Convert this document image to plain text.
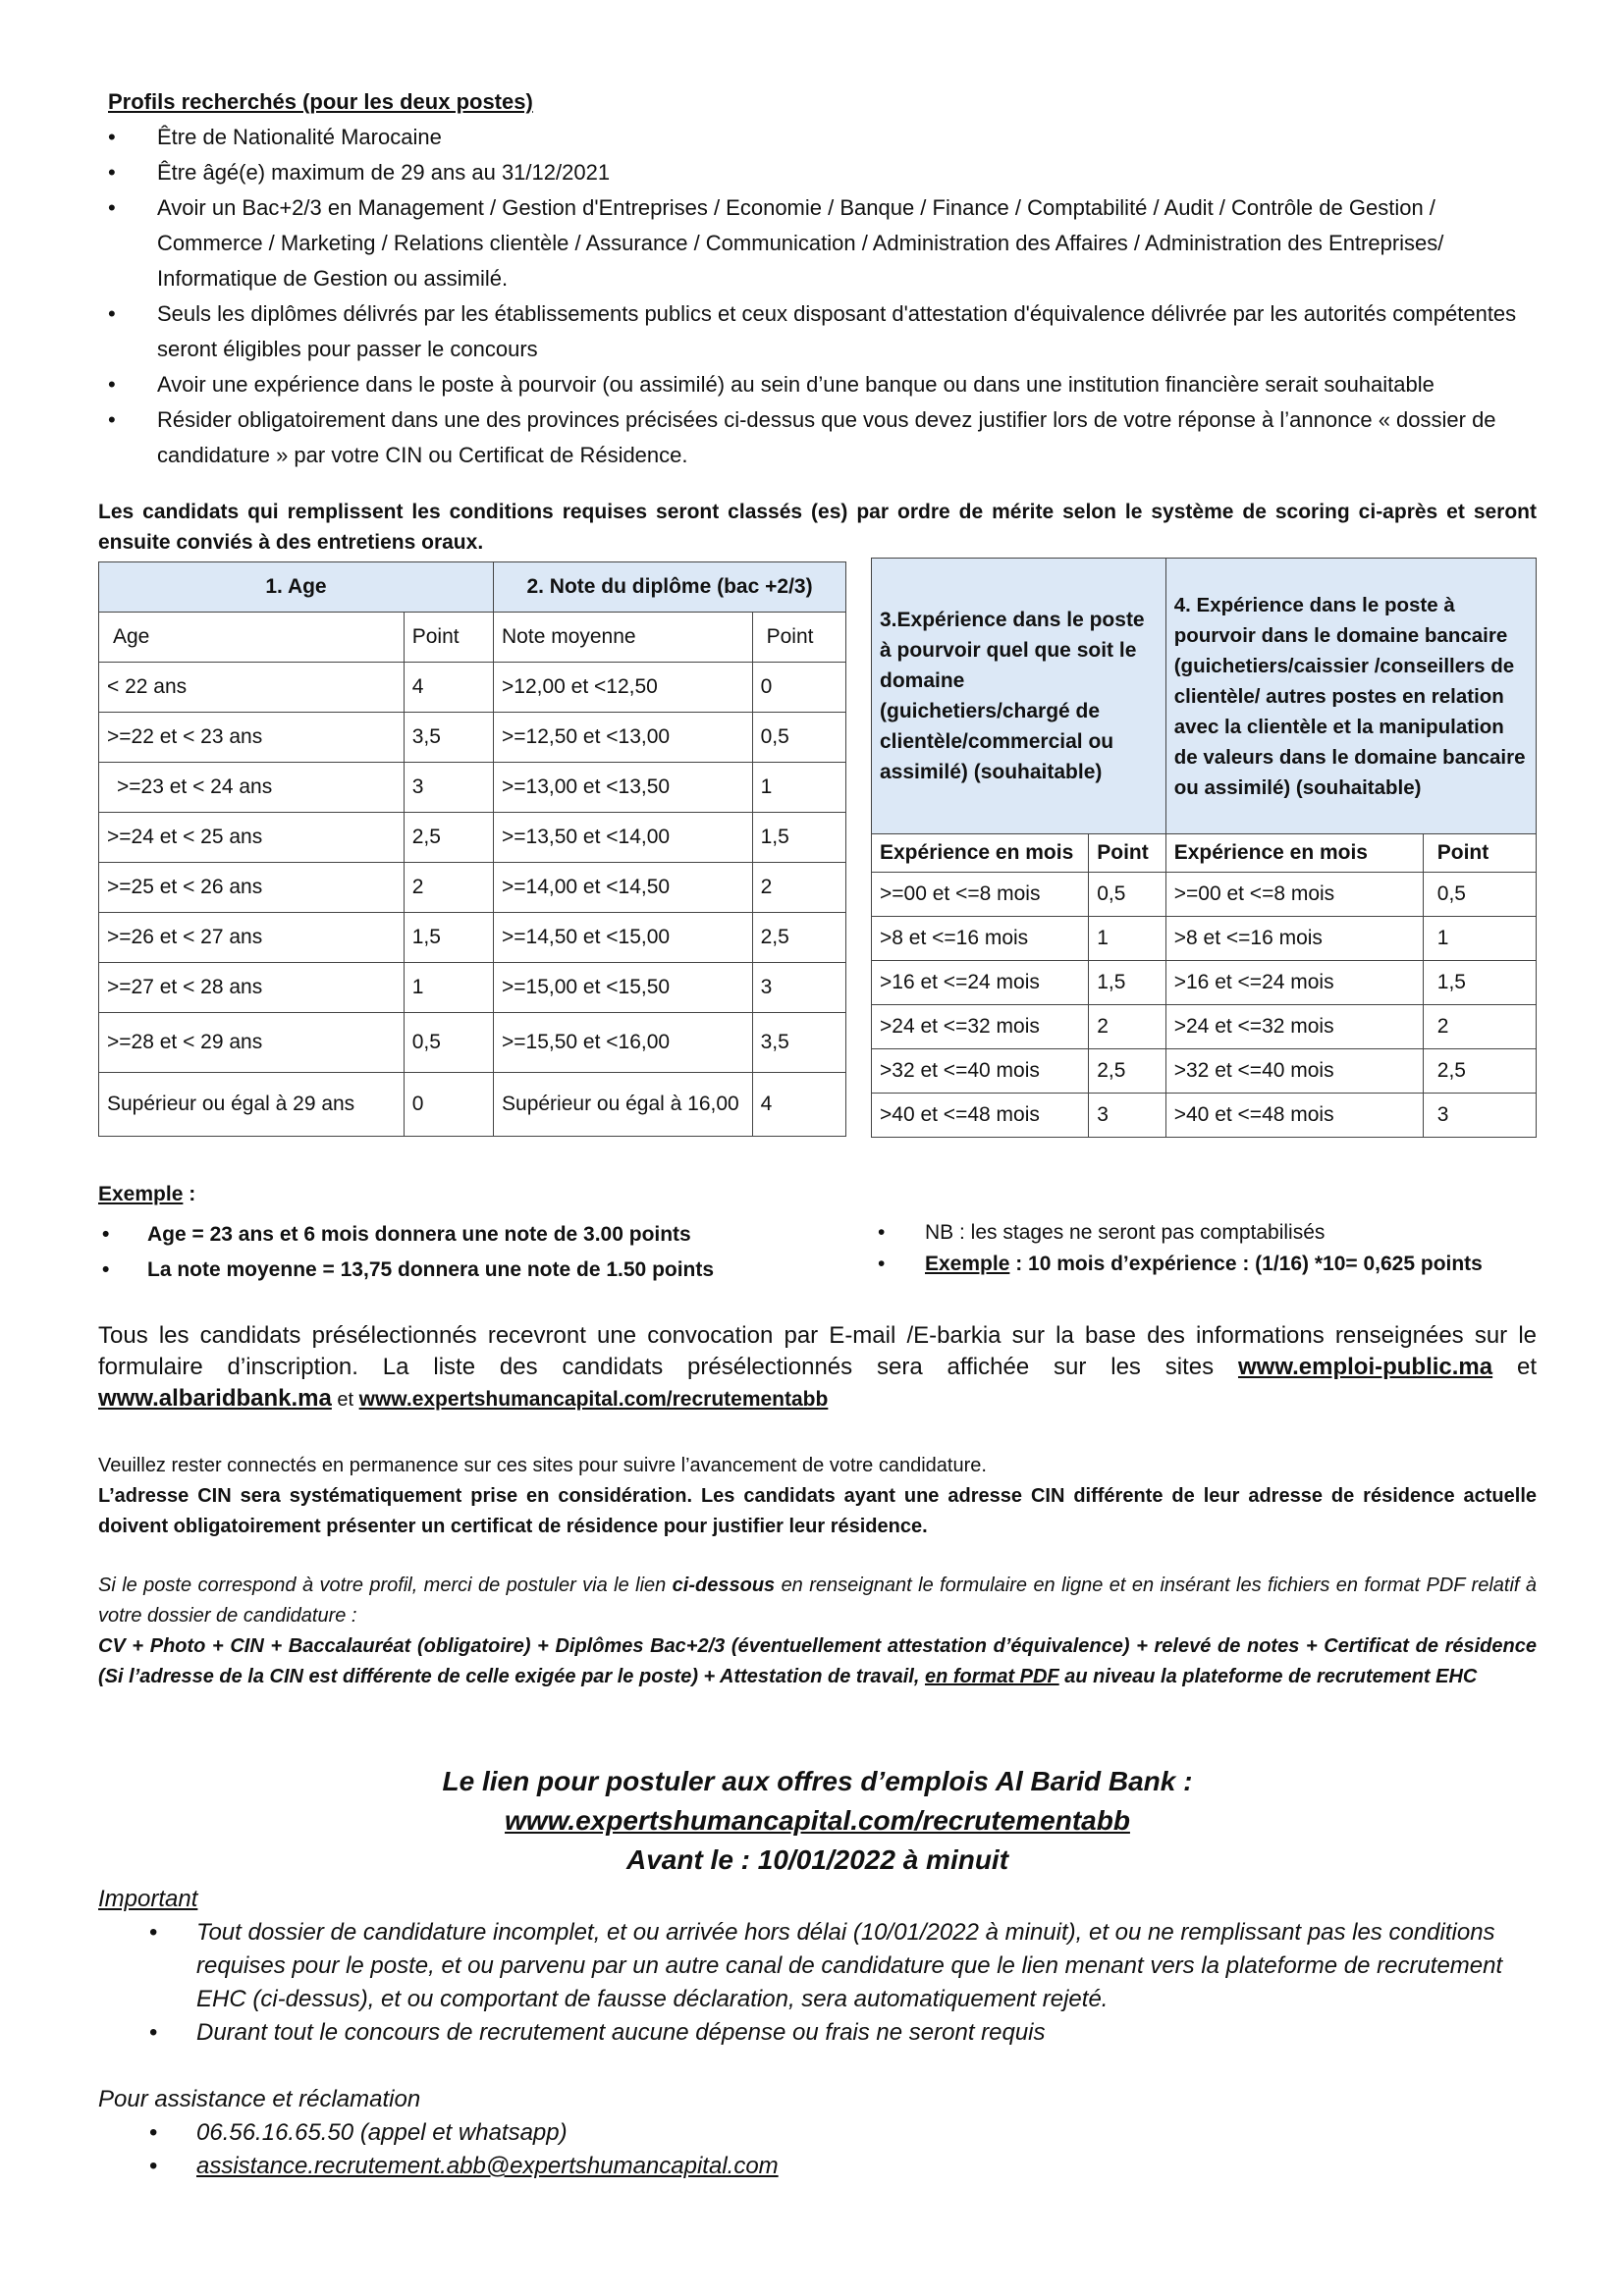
Profils recherchés (pour les deux postes)
• Être de Nationalité Marocaine
• Être âgé(e) maximum de 29 ans au 31/12/2021
• Avoir un Bac+2/3 en Management / Gestion d'Entreprises / Economie / Banque / Finance / Comptabilité / Audit / Contrôle de Gestion / Commerce / Marketing / Relations clientèle / Assurance / Communication / Administration des Affaires / Administration des Entreprises/ Informatique de Gestion ou assimilé.
• Seuls les diplômes délivrés par les établissements publics et ceux disposant d'attestation d'équivalence délivrée par les autorités compétentes seront éligibles pour passer le concours
• Avoir une expérience dans le poste à pourvoir (ou assimilé) au sein d’une banque ou dans une institution financière serait souhaitable
• Résider obligatoirement dans une des provinces précisées ci-dessus que vous devez justifier lors de votre réponse à l’annonce « dossier de candidature » par votre CIN ou Certificat de Résidence.
Les candidats qui remplissent les conditions requises seront classés (es) par ordre de mérite selon le système de scoring ci-après et seront ensuite conviés à des entretiens oraux.
1. Age		2. Note du diplôme (bac +2/3)	
Age	Point	Note moyenne	Point
< 22 ans	4	>12,00 et <12,50	0
>=22 et < 23 ans	3,5	>=12,50 et <13,00	0,5
>=23 et < 24 ans	3	>=13,00 et <13,50	1
>=24 et < 25 ans	2,5	>=13,50 et <14,00	1,5
>=25 et < 26 ans	2	>=14,00 et <14,50	2
>=26 et < 27 ans	1,5	>=14,50 et <15,00	2,5
>=27 et < 28 ans	1	>=15,00 et <15,50	3
>=28 et < 29 ans	0,5	>=15,50 et <16,00	3,5
Supérieur ou égal à 29 ans	0	Supérieur ou égal à 16,00	4
3.Expérience dans le poste à pourvoir quel que soit le domaine (guichetiers/chargé de clientèle/commercial ou assimilé) (souhaitable)		4. Expérience dans le poste à pourvoir dans le domaine bancaire (guichetiers/caissier /conseillers de clientèle/ autres postes en relation avec la clientèle et la manipulation de valeurs dans le domaine bancaire ou assimilé) (souhaitable)	
Expérience en mois	Point	Expérience en mois	Point
>=00 et <=8 mois	0,5	>=00 et <=8 mois	0,5
>8 et <=16 mois	1	>8 et <=16 mois	1
>16 et <=24 mois	1,5	>16 et <=24 mois	1,5
>24 et <=32 mois	2	>24 et <=32 mois	2
>32 et <=40 mois	2,5	>32 et <=40 mois	2,5
>40 et <=48 mois	3	>40 et <=48 mois	3
Exemple :
• Age = 23 ans et 6 mois donnera une note de 3.00 points
• La note moyenne = 13,75 donnera une note de 1.50 points
• NB : les stages ne seront pas comptabilisés
• Exemple : 10 mois d’expérience : (1/16) *10= 0,625 points
Tous les candidats présélectionnés recevront une convocation par E-mail /E-barkia sur la base des informations renseignées sur le formulaire d’inscription. La liste des candidats présélectionnés sera affichée sur les sites www.emploi-public.ma et www.albaridbank.ma et www.expertshumancapital.com/recrutementabb
Veuillez rester connectés en permanence sur ces sites pour suivre l’avancement de votre candidature.
L’adresse CIN sera systématiquement prise en considération. Les candidats ayant une adresse CIN différente de leur adresse de résidence actuelle doivent obligatoirement présenter un certificat de résidence pour justifier leur résidence.
Si le poste correspond à votre profil, merci de postuler via le lien ci-dessous en renseignant le formulaire en ligne et en insérant les fichiers en format PDF relatif à votre dossier de candidature :
CV + Photo + CIN + Baccalauréat (obligatoire) + Diplômes Bac+2/3 (éventuellement attestation d’équivalence) + relevé de notes + Certificat de résidence (Si l’adresse de la CIN est différente de celle exigée par le poste) + Attestation de travail, en format PDF au niveau la plateforme de recrutement EHC
Le lien pour postuler aux offres d’emplois Al Barid Bank :
www.expertshumancapital.com/recrutementabb
Avant le : 10/01/2022 à minuit
Important
• Tout dossier de candidature incomplet, et ou arrivée hors délai (10/01/2022 à minuit), et ou ne remplissant pas les conditions requises pour le poste, et ou parvenu par un autre canal de candidature que le lien menant vers la plateforme de recrutement EHC (ci-dessus), et ou comportant de fausse déclaration, sera automatiquement rejeté.
• Durant tout le concours de recrutement aucune dépense ou frais ne seront requis
Pour assistance et réclamation
• 06.56.16.65.50 (appel et whatsapp)
• assistance.recrutement.abb@expertshumancapital.com
